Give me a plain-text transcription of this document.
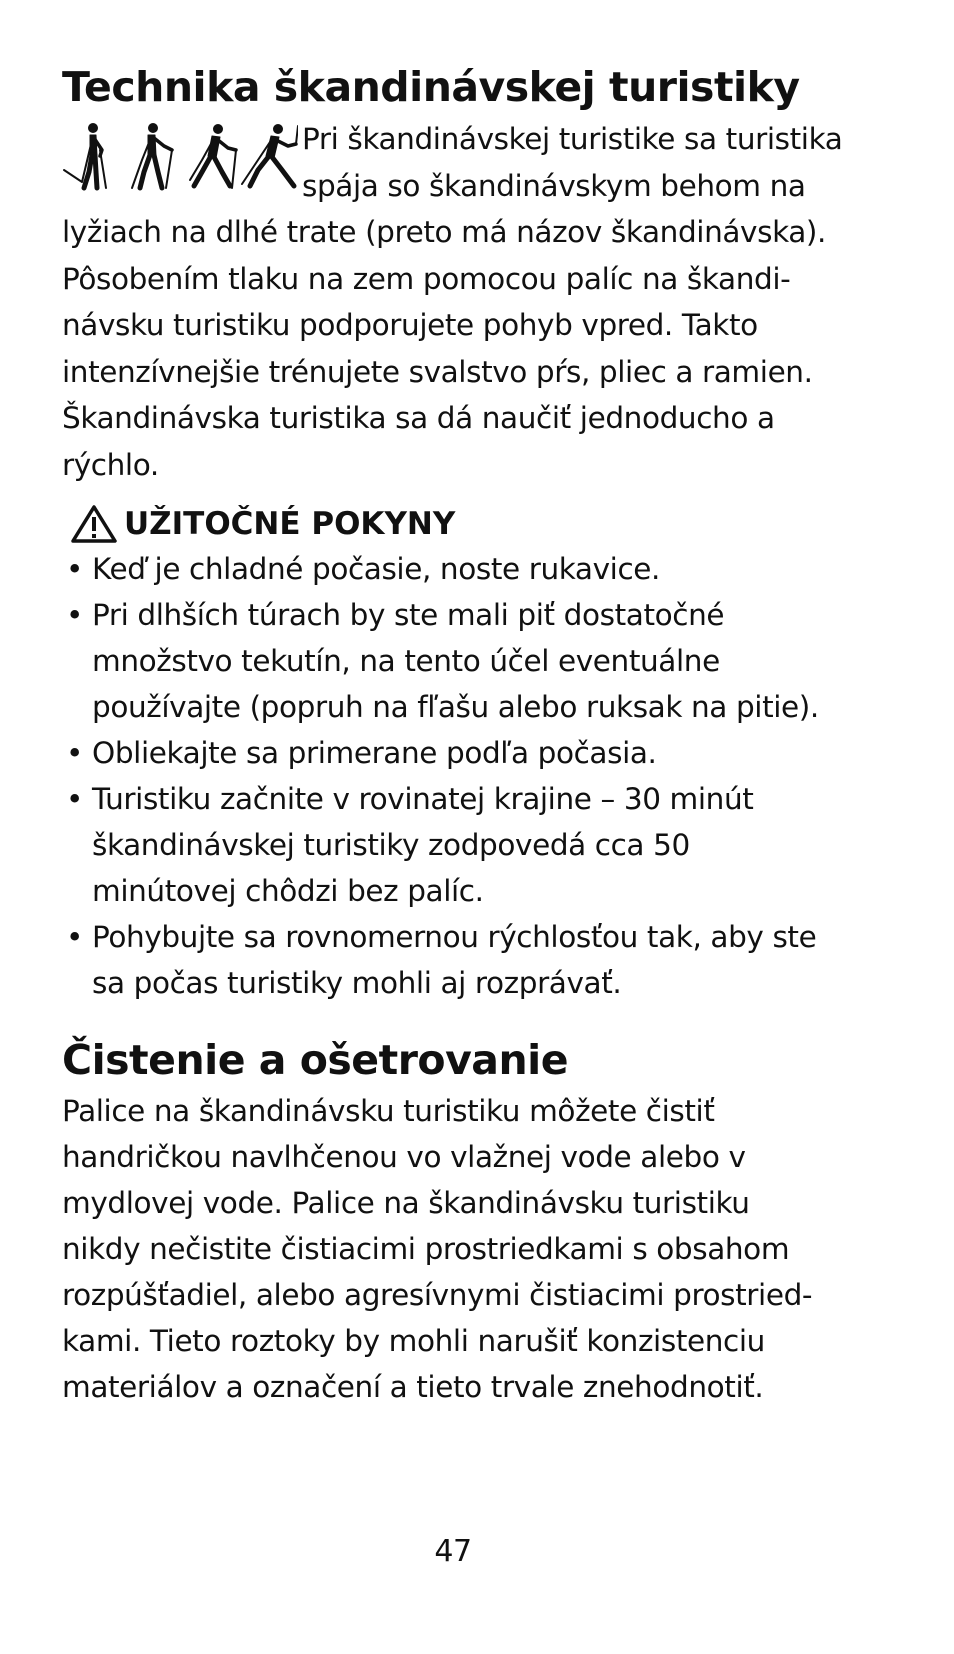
Technika škandinávskej turistiky
Pri škandinávskej turistike sa turistika
spája so škandinávskym behom na
lyžiach na dlhé trate (preto má názov škandinávska).
Pôsobením tlaku na zem pomocou palíc na škandi-
návsku turistiku podporujete pohyb vpred. Takto
intenzívnejšie trénujete svalstvo pŕs, pliec a ramien.
Škandinávska turistika sa dá naučiť jednoducho a
rýchlo.
UŽITOČNÉ POKYNY
• Keď je chladné počasie, noste rukavice.
• Pri dlhších túrach by ste mali piť dostatočné
množstvo tekutín, na tento účel eventuálne
používajte (popruh na fľašu alebo ruksak na pitie).
• Obliekajte sa primerane podľa počasia.
• Turistiku začnite v rovinatej krajine – 30 minút
škandinávskej turistiky zodpovedá cca 50
minútovej chôdzi bez palíc.
• Pohybujte sa rovnomernou rýchlosťou tak, aby ste
sa počas turistiky mohli aj rozprávať.
Čistenie a ošetrovanie
Palice na škandinávsku turistiku môžete čistiť
handričkou navlhčenou vo vlažnej vode alebo v
mydlovej vode. Palice na škandinávsku turistiku
nikdy nečistite čistiacimi prostriedkami s obsahom
rozpúšťadiel, alebo agresívnymi čistiacimi prostried-
kami. Tieto roztoky by mohli narušiť konzistenciu
materiálov a označení a tieto trvale znehodnotiť.
47
